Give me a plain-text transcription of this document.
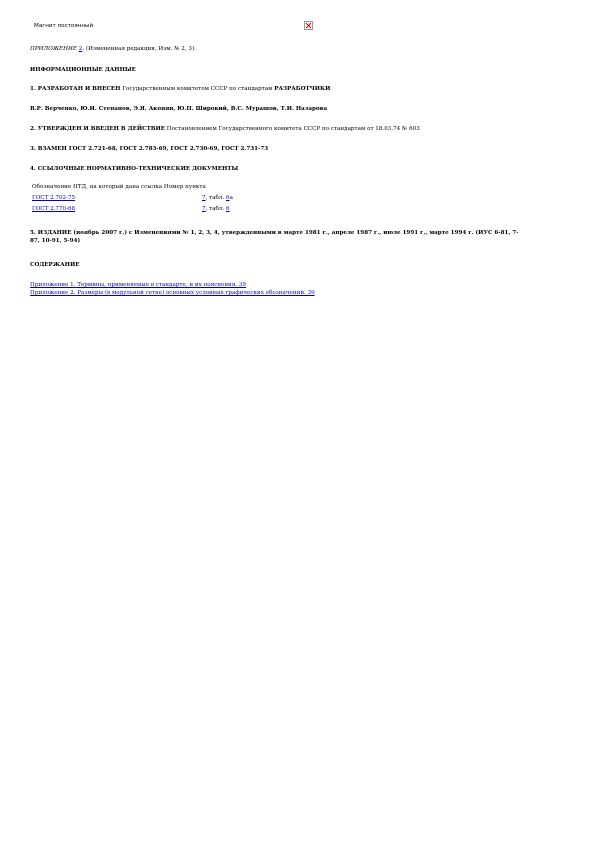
Магнит постоянный

ПРИЛОЖЕНИЕ 2. (Измененная редакция, Изм. № 2, 3).

ИНФОРМАЦИОННЫЕ ДАННЫЕ

1. РАЗРАБОТАН И ВНЕСЕН Государственным комитетом СССР по стандартам РАЗРАБОТЧИКИ

В.Р. Верченко, Ю.И. Степанов, Э.Я. Акопян, Ю.П. Широкий, В.С. Мурашов, Т.И. Назарова

2. УТВЕРЖДЕН И ВВЕДЕН В ДЕЙСТВИЕ Постановлением Государственного комитета СССР по стандартам от 18.03.74 № 603

3. ВЗАМЕН ГОСТ 2.721-68, ГОСТ 2.783-69, ГОСТ 2.730-69, ГОСТ 2.731-73

4. ССЫЛОЧНЫЕ НОРМАТИВНО-ТЕХНИЧЕСКИЕ ДОКУМЕНТЫ

Обозначение НТД, на который дана ссылка Номер пункта	
ГОСТ 2.702-75	7, табл. 6а
ГОСТ 2.770-68	7, табл. 6

5. ИЗДАНИЕ (ноябрь 2007 г.) с Изменениями № 1, 2, 3, 4, утвержденными в марте 1981 г., апреле 1987 г., июле 1991 г., марте 1994 г. (ИУС 6-81, 7-87, 10-91, 5-94)

СОДЕРЖАНИЕ

Приложение 1. Термины, применяемые в стандарте, и их пояснения. 39
Приложение 2. Размеры (в модульной сетке) основных условных графических обозначений. 39
